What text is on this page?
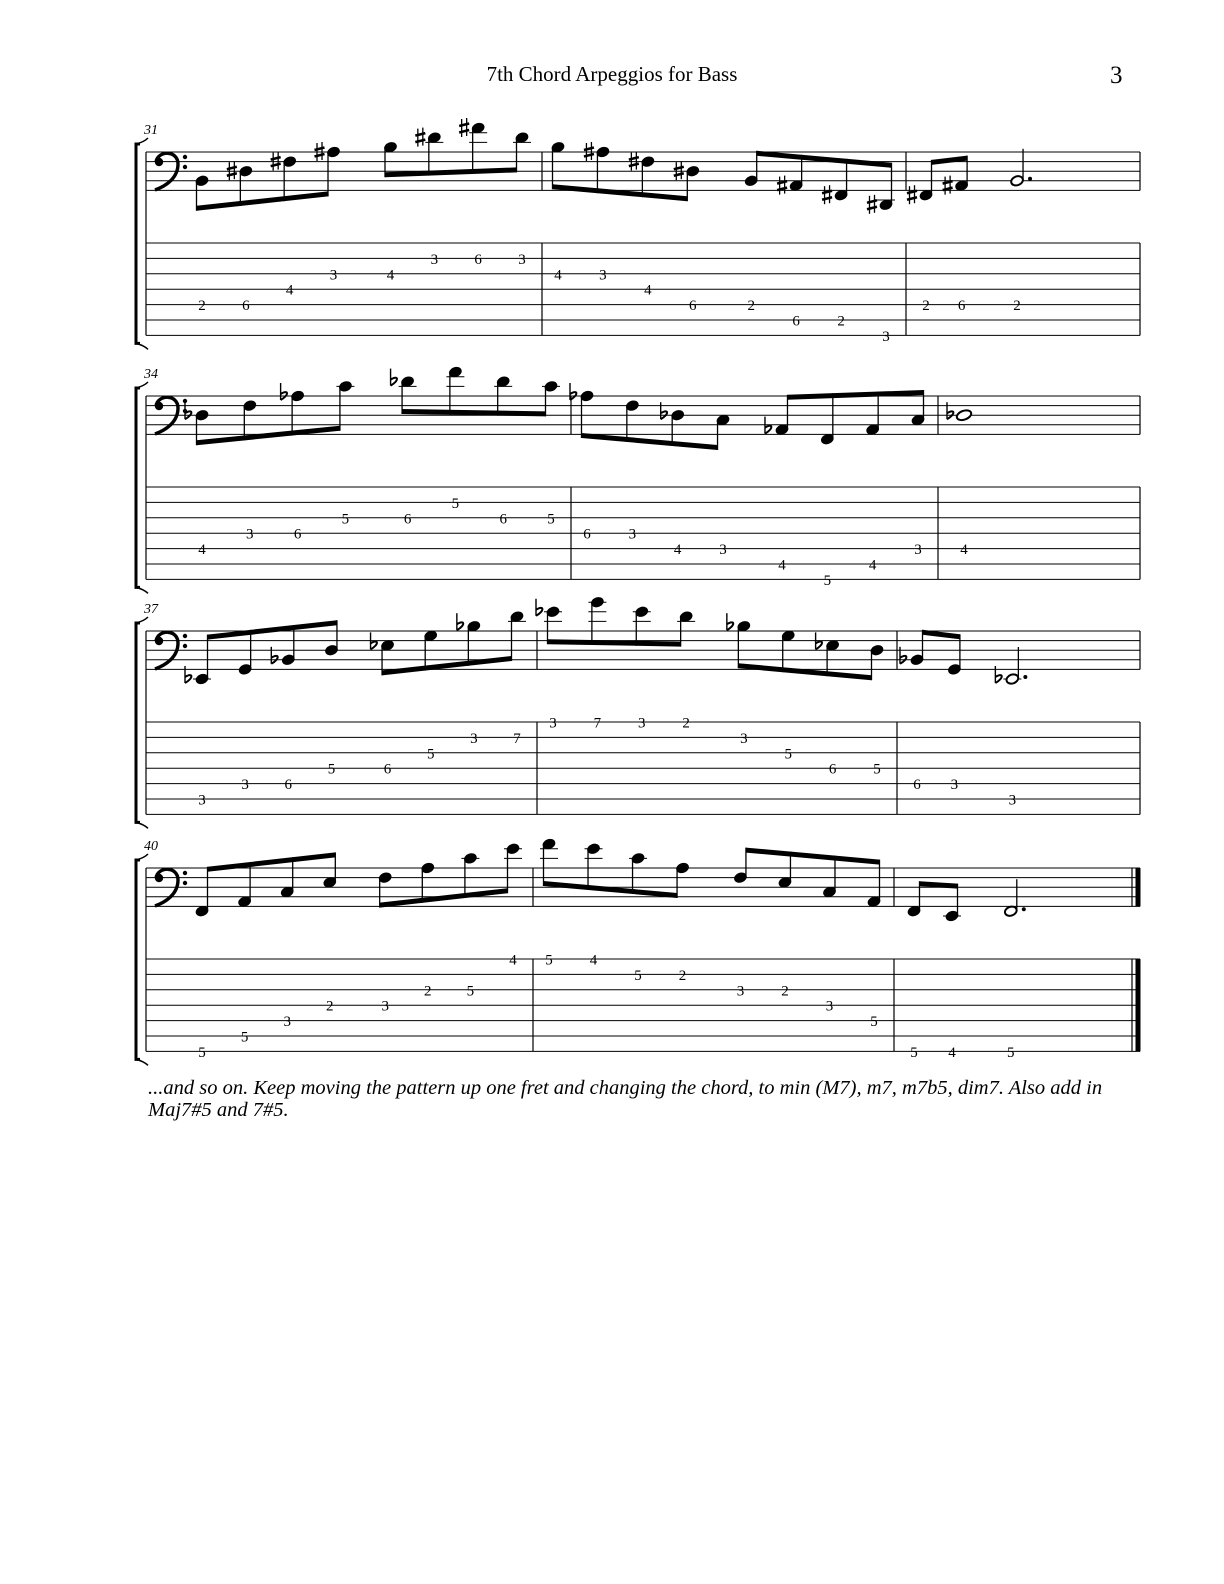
7th Chord Arpeggios for Bass	3
31
2 6
4
3	4
3 6 3
4 3
4
6	2
6 2
3
2 6	2
34
4
3	6
5	6
5
6	5
6	3
4	3
4
5
4
3	4
37
3
3 6
5	6
5
3 7
3 7 3 2
3
5
6 5
6 3
3
40
5
5
3
2	3
2 5
4 5 4
5 2
3 2
3
5
5 4	5
...and so on. Keep moving the pattern up one fret and changing the chord, to min (M7), m7, m7b5, dim7. Also add in Maj7#5 and 7#5.
